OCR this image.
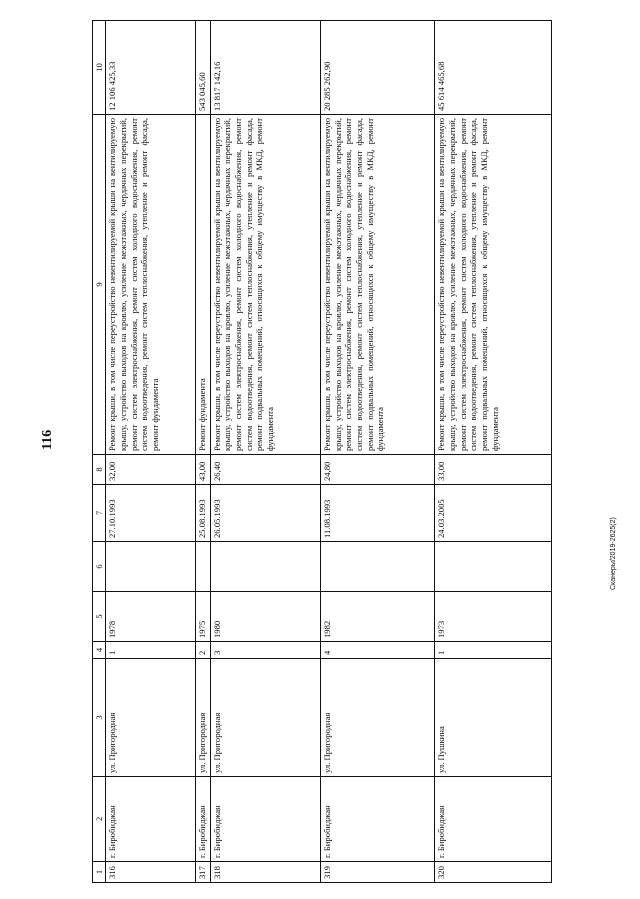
116
Сканеры/2019-2625(2)
1	2	3	4	5	6	7	8	9	10
316	г. Биробиджан	ул. Пригородная	1	1978		27.10.1993	32,00	Ремонт крыши, в том числе переустройство невентилируемой крыши на вентилируемую крышу, устройство выходов на кровлю, усиление межэтажных, чердачных перекрытий, ремонт систем электроснабжения, ремонт систем холодного водоснабжения, ремонт систем водоотведения, ремонт систем теплоснабжения, утепление и ремонт фасада, ремонт фундамента	12 106 425,33
317	г. Биробиджан	ул. Пригородная	2	1975		25.08.1993	43,00	Ремонт фундамента	543 045,60
318	г. Биробиджан	ул. Пригородная	3	1980		26.05.1993	26,40	Ремонт крыши, в том числе переустройство невентилируемой крыши на вентилируемую крышу, устройство выходов на кровлю, усиление межэтажных, чердачных перекрытий, ремонт систем электроснабжения, ремонт систем холодного водоснабжения, ремонт систем водоотведения, ремонт систем теплоснабжения, утепление и ремонт фасада, ремонт подвальных помещений, относящихся к общему имуществу в МКД, ремонт фундамента	13 817 142,16
319	г. Биробиджан	ул. Пригородная	4	1982		11.08.1993	24,80	Ремонт крыши, в том числе переустройство невентилируемой крыши на вентилируемую крышу, устройство выходов на кровлю, усиление межэтажных, чердачных перекрытий, ремонт систем электроснабжения, ремонт систем холодного водоснабжения, ремонт систем водоотведения, ремонт систем теплоснабжения, утепление и ремонт фасада, ремонт подвальных помещений, относящихся к общему имуществу в МКД, ремонт фундамента	20 285 262,90
320	г. Биробиджан	ул. Пушкина	1	1973		24.03.2005	33,00	Ремонт крыши, в том числе переустройство невентилируемой крыши на вентилируемую крышу, устройство выходов на кровлю, усиление межэтажных, чердачных перекрытий, ремонт систем электроснабжения, ремонт систем холодного водоснабжения, ремонт систем водоотведения, ремонт систем теплоснабжения, утепление и ремонт фасада, ремонт подвальных помещений, относящихся к общему имуществу в МКД, ремонт фундамента	45 614 465,68
